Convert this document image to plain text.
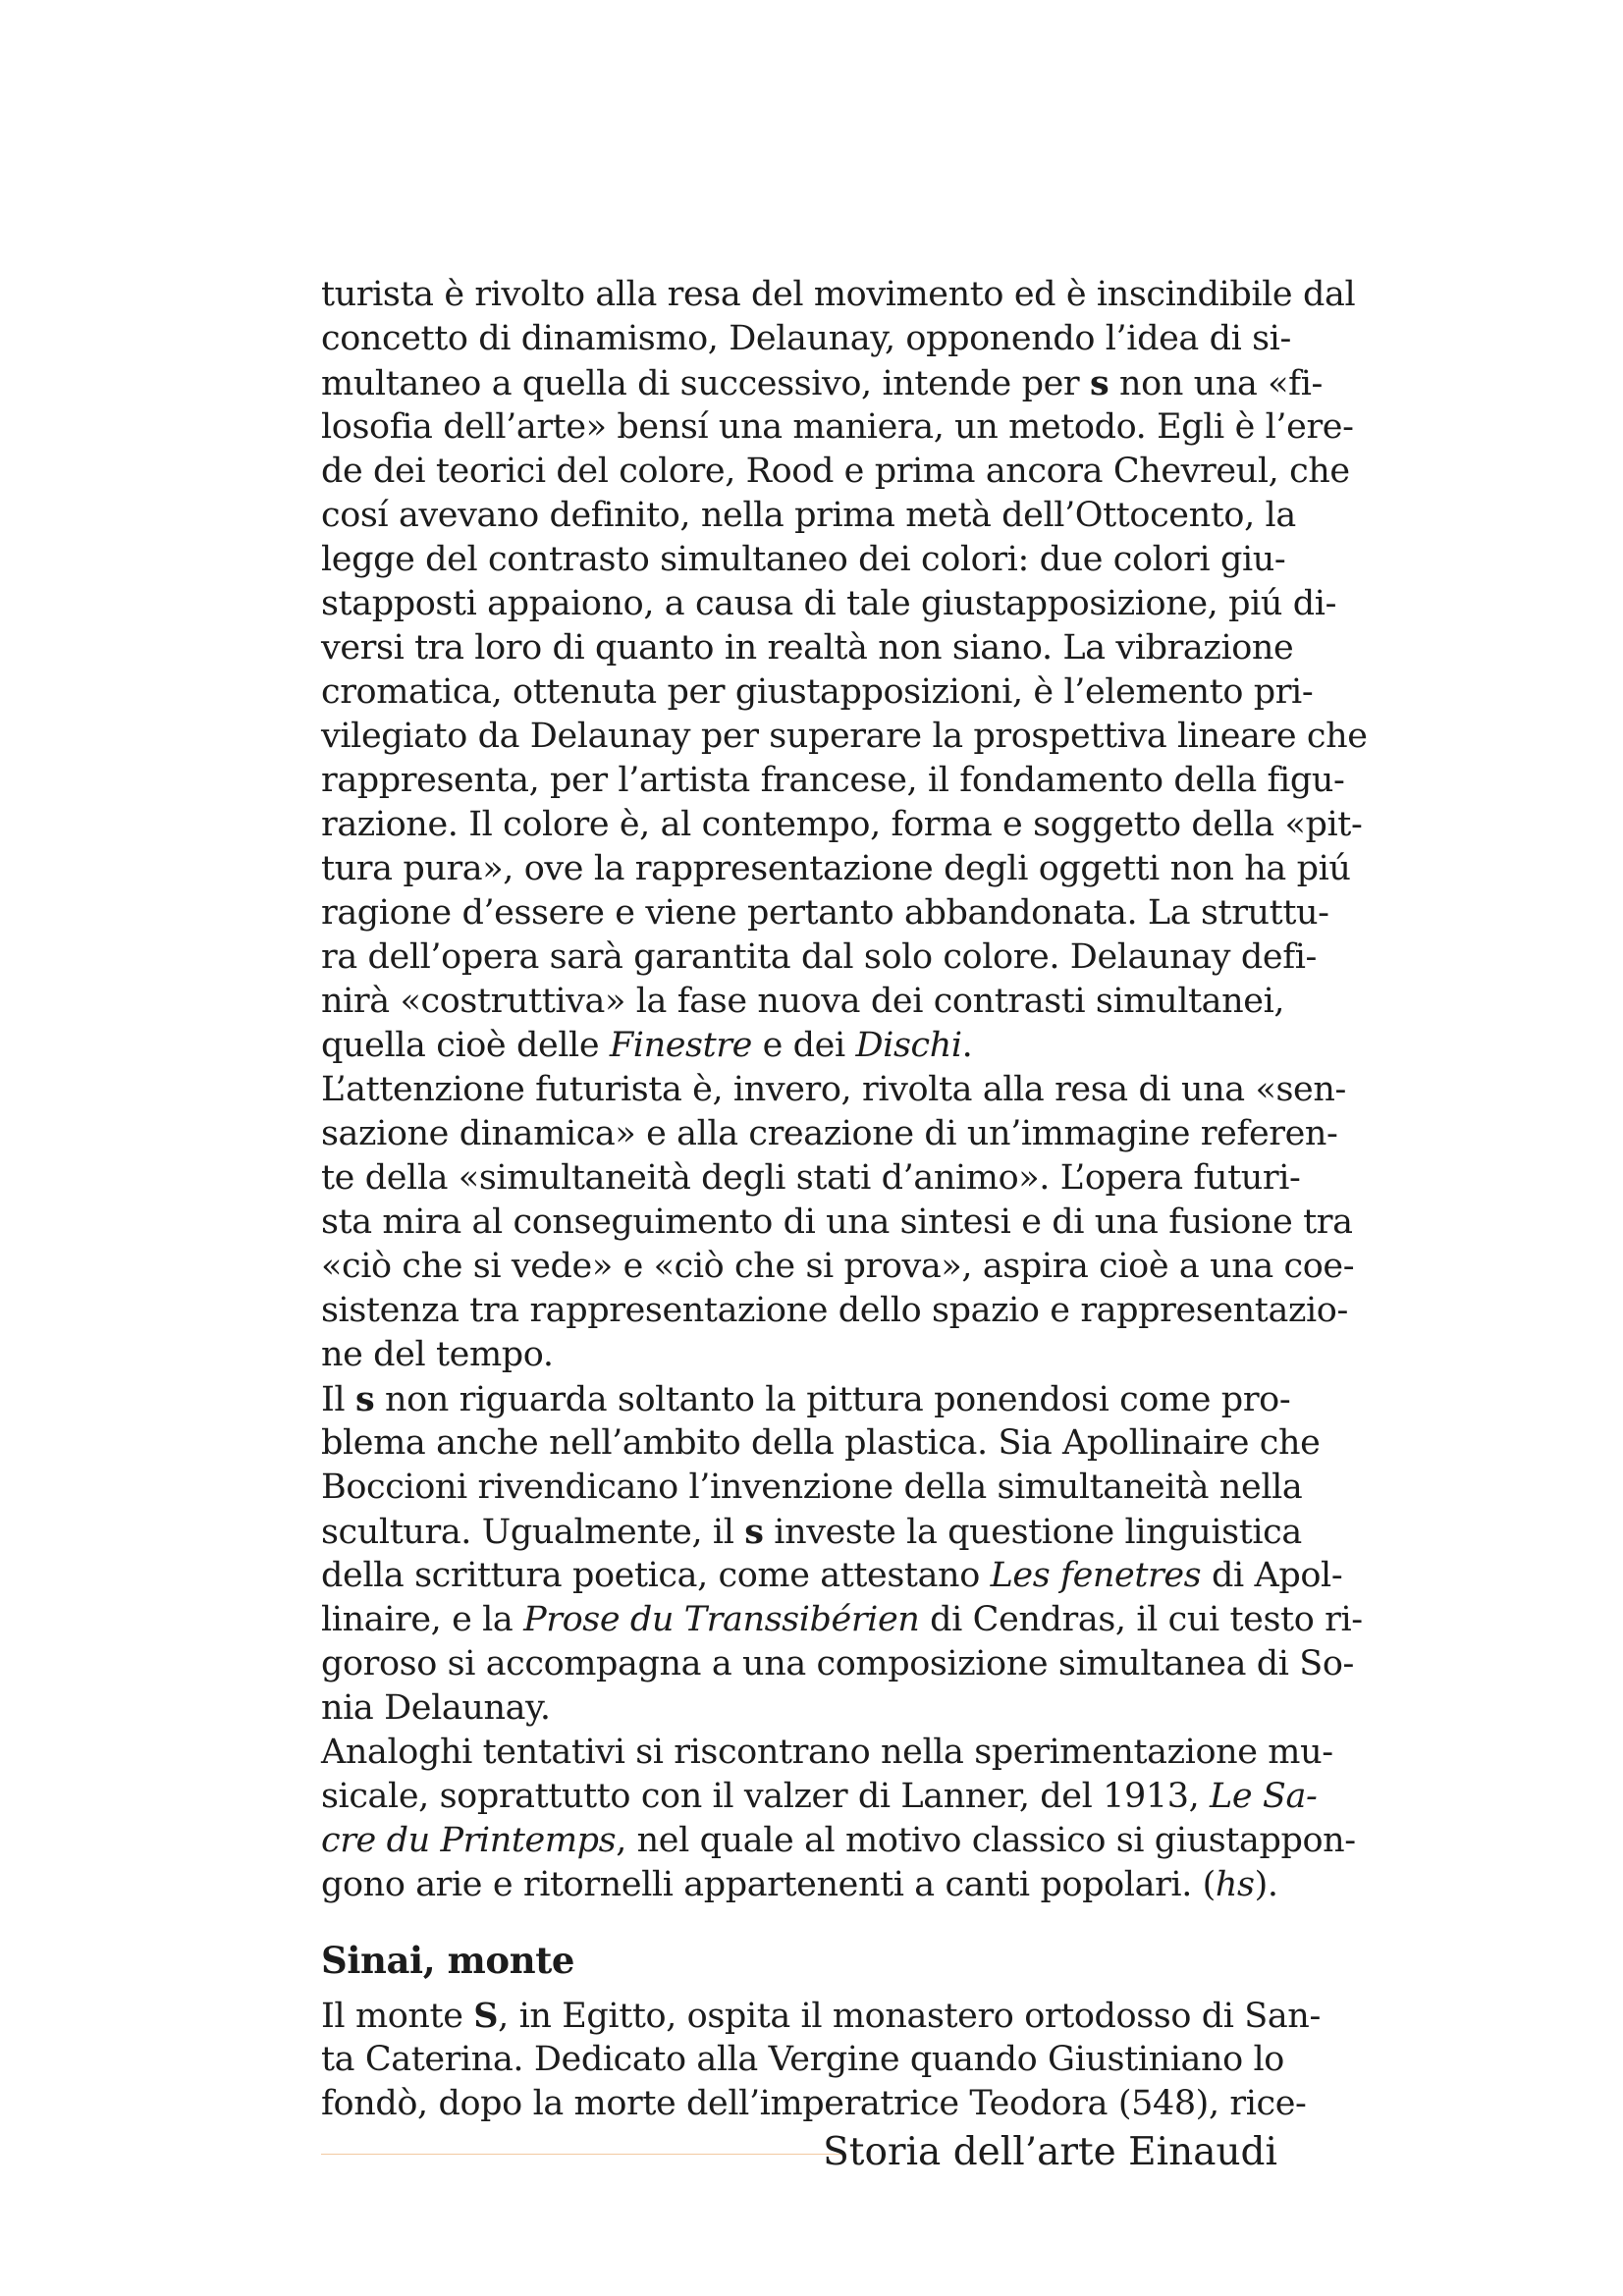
turista è rivolto alla resa del movimento ed è inscindibile dal
concetto di dinamismo, Delaunay, opponendo l’idea di si-
multaneo a quella di successivo, intende per s non una «fi-
losofia dell’arte» bensí una maniera, un metodo. Egli è l’ere-
de dei teorici del colore, Rood e prima ancora Chevreul, che
cosí avevano definito, nella prima metà dell’Ottocento, la
legge del contrasto simultaneo dei colori: due colori giu-
stapposti appaiono, a causa di tale giustapposizione, piú di-
versi tra loro di quanto in realtà non siano. La vibrazione
cromatica, ottenuta per giustapposizioni, è l’elemento pri-
vilegiato da Delaunay per superare la prospettiva lineare che
rappresenta, per l’artista francese, il fondamento della figu-
razione. Il colore è, al contempo, forma e soggetto della «pit-
tura pura», ove la rappresentazione degli oggetti non ha piú
ragione d’essere e viene pertanto abbandonata. La struttu-
ra dell’opera sarà garantita dal solo colore. Delaunay defi-
nirà «costruttiva» la fase nuova dei contrasti simultanei,
quella cioè delle Finestre e dei Dischi.
L’attenzione futurista è, invero, rivolta alla resa di una «sen-
sazione dinamica» e alla creazione di un’immagine referen-
te della «simultaneità degli stati d’animo». L’opera futuri-
sta mira al conseguimento di una sintesi e di una fusione tra
«ciò che si vede» e «ciò che si prova», aspira cioè a una coe-
sistenza tra rappresentazione dello spazio e rappresentazio-
ne del tempo.
Il s non riguarda soltanto la pittura ponendosi come pro-
blema anche nell’ambito della plastica. Sia Apollinaire che
Boccioni rivendicano l’invenzione della simultaneità nella
scultura. Ugualmente, il s investe la questione linguistica
della scrittura poetica, come attestano Les fenetres di Apol-
linaire, e la Prose du Transsibérien di Cendras, il cui testo ri-
goroso si accompagna a una composizione simultanea di So-
nia Delaunay.
Analoghi tentativi si riscontrano nella sperimentazione mu-
sicale, soprattutto con il valzer di Lanner, del 1913, Le Sa-
cre du Printemps, nel quale al motivo classico si giustappon-
gono arie e ritornelli appartenenti a canti popolari. (hs).
Sinai, monte
Il monte S, in Egitto, ospita il monastero ortodosso di San-
ta Caterina. Dedicato alla Vergine quando Giustiniano lo
fondò, dopo la morte dell’imperatrice Teodora (548), rice-
Storia dell’arte Einaudi
